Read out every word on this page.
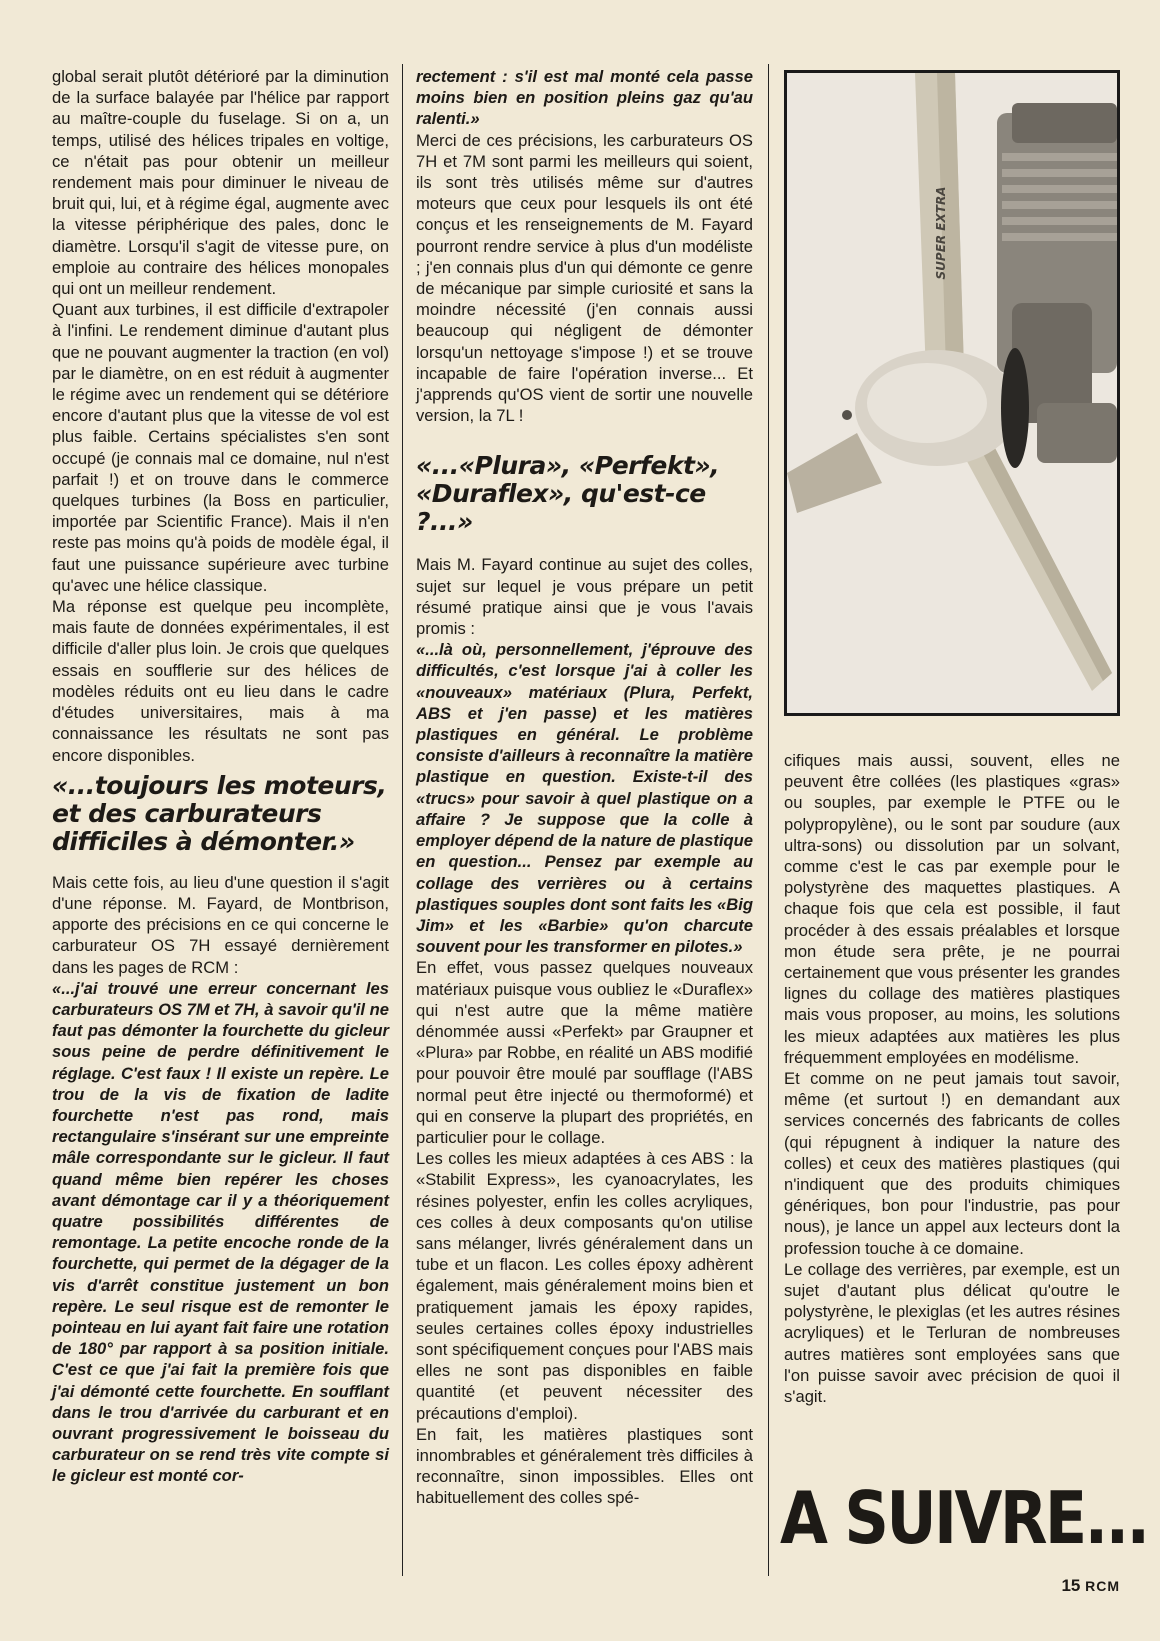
global serait plutôt détérioré par la diminution de la surface balayée par l'hélice par rapport au maître-couple du fuselage. Si on a, un temps, utilisé des hélices tripales en voltige, ce n'était pas pour obtenir un meilleur rendement mais pour diminuer le niveau de bruit qui, lui, et à régime égal, augmente avec la vitesse périphérique des pales, donc le diamètre. Lorsqu'il s'agit de vitesse pure, on emploie au contraire des hélices monopales qui ont un meilleur rendement.

Quant aux turbines, il est difficile d'extrapoler à l'infini. Le rendement diminue d'autant plus que ne pouvant augmenter la traction (en vol) par le diamètre, on en est réduit à augmenter le régime avec un rendement qui se détériore encore d'autant plus que la vitesse de vol est plus faible. Certains spécialistes s'en sont occupé (je connais mal ce domaine, nul n'est parfait !) et on trouve dans le commerce quelques turbines (la Boss en particulier, importée par Scientific France). Mais il n'en reste pas moins qu'à poids de modèle égal, il faut une puissance supérieure avec turbine qu'avec une hélice classique.

Ma réponse est quelque peu incomplète, mais faute de données expérimentales, il est difficile d'aller plus loin. Je crois que quelques essais en soufflerie sur des hélices de modèles réduits ont eu lieu dans le cadre d'études universitaires, mais à ma connaissance les résultats ne sont pas encore disponibles.

«...toujours les moteurs, et des carburateurs difficiles à démonter.»

Mais cette fois, au lieu d'une question il s'agit d'une réponse. M. Fayard, de Montbrison, apporte des précisions en ce qui concerne le carburateur OS 7H essayé dernièrement dans les pages de RCM :

«...j'ai trouvé une erreur concernant les carburateurs OS 7M et 7H, à savoir qu'il ne faut pas démonter la fourchette du gicleur sous peine de perdre définitivement le réglage. C'est faux ! Il existe un repère. Le trou de la vis de fixation de ladite fourchette n'est pas rond, mais rectangulaire s'insérant sur une empreinte mâle correspondante sur le gicleur. Il faut quand même bien repérer les choses avant démontage car il y a théoriquement quatre possibilités différentes de remontage. La petite encoche ronde de la fourchette, qui permet de la dégager de la vis d'arrêt constitue justement un bon repère. Le seul risque est de remonter le pointeau en lui ayant fait faire une rotation de 180° par rapport à sa position initiale. C'est ce que j'ai fait la première fois que j'ai démonté cette fourchette. En soufflant dans le trou d'arrivée du carburant et en ouvrant progressivement le boisseau du carburateur on se rend très vite compte si le gicleur est monté cor-

rectement : s'il est mal monté cela passe moins bien en position pleins gaz qu'au ralenti.»

Merci de ces précisions, les carburateurs OS 7H et 7M sont parmi les meilleurs qui soient, ils sont très utilisés même sur d'autres moteurs que ceux pour lesquels ils ont été conçus et les renseignements de M. Fayard pourront rendre service à plus d'un modéliste ; j'en connais plus d'un qui démonte ce genre de mécanique par simple curiosité et sans la moindre nécessité (j'en connais aussi beaucoup qui négligent de démonter lorsqu'un nettoyage s'impose !) et se trouve incapable de faire l'opération inverse... Et j'apprends qu'OS vient de sortir une nouvelle version, la 7L !

«...«Plura», «Perfekt», «Duraflex», qu'est-ce ?...»

Mais M. Fayard continue au sujet des colles, sujet sur lequel je vous prépare un petit résumé pratique ainsi que je vous l'avais promis :

«...là où, personnellement, j'éprouve des difficultés, c'est lorsque j'ai à coller les «nouveaux» matériaux (Plura, Perfekt, ABS et j'en passe) et les matières plastiques en général. Le problème consiste d'ailleurs à reconnaître la matière plastique en question. Existe-t-il des «trucs» pour savoir à quel plastique on a affaire ? Je suppose que la colle à employer dépend de la nature de plastique en question... Pensez par exemple au collage des verrières ou à certains plastiques souples dont sont faits les «Big Jim» et les «Barbie» qu'on charcute souvent pour les transformer en pilotes.»

En effet, vous passez quelques nouveaux matériaux puisque vous oubliez le «Duraflex» qui n'est autre que la même matière dénommée aussi «Perfekt» par Graupner et «Plura» par Robbe, en réalité un ABS modifié pour pouvoir être moulé par soufflage (l'ABS normal peut être injecté ou thermoformé) et qui en conserve la plupart des propriétés, en particulier pour le collage.

Les colles les mieux adaptées à ces ABS : la «Stabilit Express», les cyanoacrylates, les résines polyester, enfin les colles acryliques, ces colles à deux composants qu'on utilise sans mélanger, livrés généralement dans un tube et un flacon. Les colles époxy adhèrent également, mais généralement moins bien et pratiquement jamais les époxy rapides, seules certaines colles époxy industrielles sont spécifiquement conçues pour l'ABS mais elles ne sont pas disponibles en faible quantité (et peuvent nécessiter des précautions d'emploi).

En fait, les matières plastiques sont innombrables et généralement très difficiles à reconnaître, sinon impossibles. Elles ont habituellement des colles spé-

SUPER EXTRA

cifiques mais aussi, souvent, elles ne peuvent être collées (les plastiques «gras» ou souples, par exemple le PTFE ou le polypropylène), ou le sont par soudure (aux ultra-sons) ou dissolution par un solvant, comme c'est le cas par exemple pour le polystyrène des maquettes plastiques. A chaque fois que cela est possible, il faut procéder à des essais préalables et lorsque mon étude sera prête, je ne pourrai certainement que vous présenter les grandes lignes du collage des matières plastiques mais vous proposer, au moins, les solutions les mieux adaptées aux matières les plus fréquemment employées en modélisme.

Et comme on ne peut jamais tout savoir, même (et surtout !) en demandant aux services concernés des fabricants de colles (qui répugnent à indiquer la nature des colles) et ceux des matières plastiques (qui n'indiquent que des produits chimiques génériques, bon pour l'industrie, pas pour nous), je lance un appel aux lecteurs dont la profession touche à ce domaine.

Le collage des verrières, par exemple, est un sujet d'autant plus délicat qu'outre le polystyrène, le plexiglas (et les autres résines acryliques) et le Terluran de nombreuses autres matières sont employées sans que l'on puisse savoir avec précision de quoi il s'agit.

A SUIVRE...
15 RCM
